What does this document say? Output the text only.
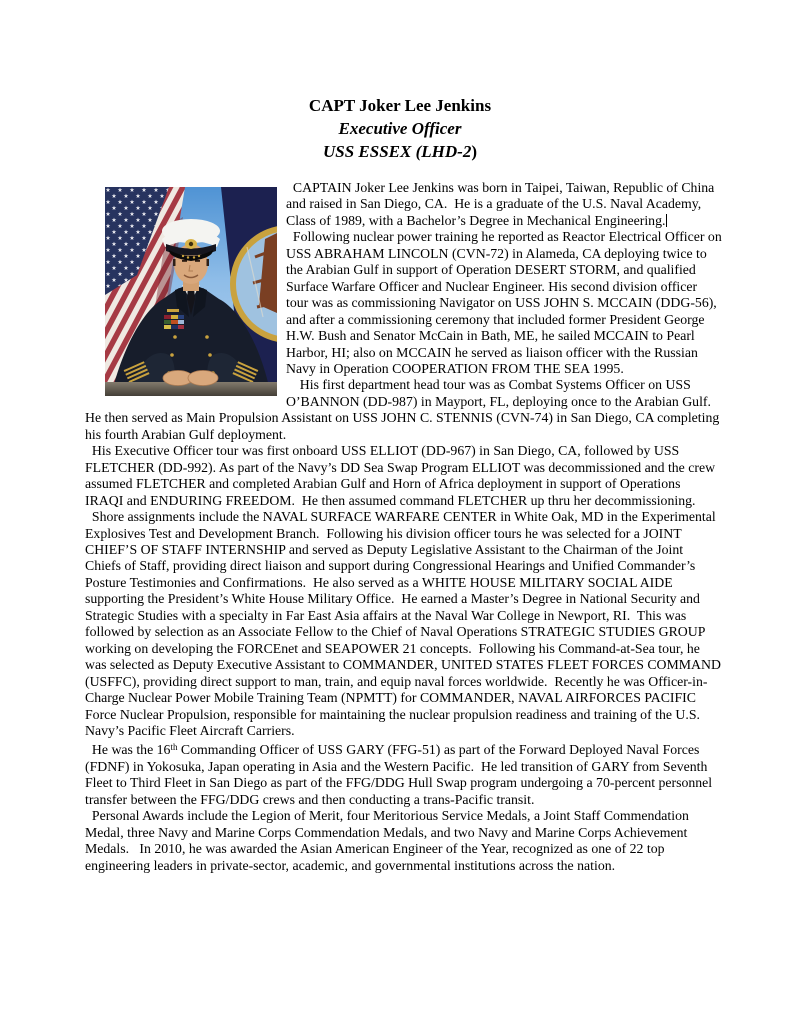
CAPT Joker Lee Jenkins
Executive Officer
USS ESSEX (LHD-2)

CAPTAIN Joker Lee Jenkins was born in Taipei, Taiwan, Republic of China and raised in San Diego, CA.  He is a graduate of the U.S. Naval Academy, Class of 1989, with a Bachelor’s Degree in Mechanical Engineering.

Following nuclear power training he reported as Reactor Electrical Officer on USS ABRAHAM LINCOLN (CVN-72) in Alameda, CA deploying twice to the Arabian Gulf in support of Operation DESERT STORM, and qualified Surface Warfare Officer and Nuclear Engineer. His second division officer tour was as commissioning Navigator on USS JOHN S. MCCAIN (DDG-56), and after a commissioning ceremony that included former President George H.W. Bush and Senator McCain in Bath, ME, he sailed MCCAIN to Pearl Harbor, HI; also on MCCAIN he served as liaison officer with the Russian Navy in Operation COOPERATION FROM THE SEA 1995.

His first department head tour was as Combat Systems Officer on USS O’BANNON (DD-987) in Mayport, FL, deploying once to the Arabian Gulf.  He then served as Main Propulsion Assistant on USS JOHN C. STENNIS (CVN-74) in San Diego, CA completing his fourth Arabian Gulf deployment.

His Executive Officer tour was first onboard USS ELLIOT (DD-967) in San Diego, CA, followed by USS FLETCHER (DD-992). As part of the Navy’s DD Sea Swap Program ELLIOT was decommissioned and the crew assumed FLETCHER and completed Arabian Gulf and Horn of Africa deployment in support of Operations IRAQI and ENDURING FREEDOM.  He then assumed command FLETCHER up thru her decommissioning.

Shore assignments include the NAVAL SURFACE WARFARE CENTER in White Oak, MD in the Experimental Explosives Test and Development Branch.  Following his division officer tours he was selected for a JOINT CHIEF’S OF STAFF INTERNSHIP and served as Deputy Legislative Assistant to the Chairman of the Joint Chiefs of Staff, providing direct liaison and support during Congressional Hearings and Unified Commander’s Posture Testimonies and Confirmations.  He also served as a WHITE HOUSE MILITARY SOCIAL AIDE supporting the President’s White House Military Office.  He earned a Master’s Degree in National Security and Strategic Studies with a specialty in Far East Asia affairs at the Naval War College in Newport, RI.  This was followed by selection as an Associate Fellow to the Chief of Naval Operations STRATEGIC STUDIES GROUP working on developing the FORCEnet and SEAPOWER 21 concepts.  Following his Command-at-Sea tour, he was selected as Deputy Executive Assistant to COMMANDER, UNITED STATES FLEET FORCES COMMAND (USFFC), providing direct support to man, train, and equip naval forces worldwide.  Recently he was Officer-in-Charge Nuclear Power Mobile Training Team (NPMTT) for COMMANDER, NAVAL AIRFORCES PACIFIC Force Nuclear Propulsion, responsible for maintaining the nuclear propulsion readiness and training of the U.S. Navy’s Pacific Fleet Aircraft Carriers.

He was the 16th Commanding Officer of USS GARY (FFG-51) as part of the Forward Deployed Naval Forces (FDNF) in Yokosuka, Japan operating in Asia and the Western Pacific.  He led transition of GARY from Seventh Fleet to Third Fleet in San Diego as part of the FFG/DDG Hull Swap program undergoing a 70-percent personnel transfer between the FFG/DDG crews and then conducting a trans-Pacific transit.

Personal Awards include the Legion of Merit, four Meritorious Service Medals, a Joint Staff Commendation Medal, three Navy and Marine Corps Commendation Medals, and two Navy and Marine Corps Achievement Medals.   In 2010, he was awarded the Asian American Engineer of the Year, recognized as one of 22 top engineering leaders in private-sector, academic, and governmental institutions across the nation.
